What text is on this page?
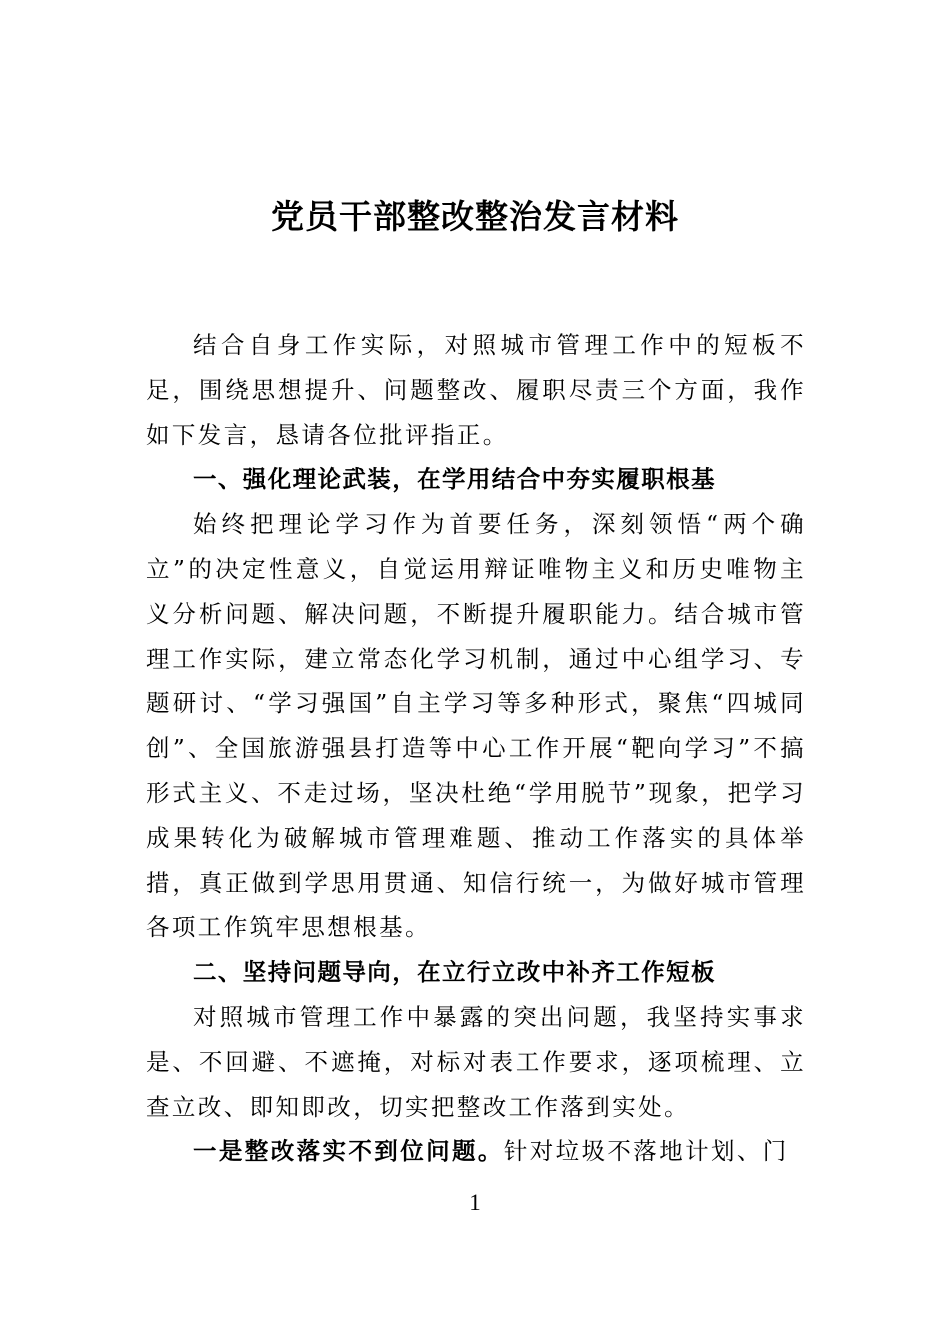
党员干部整改整治发言材料

结合自身工作实际，对照城市管理工作中的短板不足，围绕思想提升、问题整改、履职尽责三个方面，我作如下发言，恳请各位批评指正。

一、强化理论武装，在学用结合中夯实履职根基

始终把理论学习作为首要任务，深刻领悟“两个确立”的决定性意义，自觉运用辩证唯物主义和历史唯物主义分析问题、解决问题，不断提升履职能力。结合城市管理工作实际，建立常态化学习机制，通过中心组学习、专题研讨、“学习强国”自主学习等多种形式，聚焦“四城同创”、全国旅游强县打造等中心工作开展“靶向学习”不搞形式主义、不走过场，坚决杜绝“学用脱节”现象，把学习成果转化为破解城市管理难题、推动工作落实的具体举措，真正做到学思用贯通、知信行统一，为做好城市管理各项工作筑牢思想根基。

二、坚持问题导向，在立行立改中补齐工作短板

对照城市管理工作中暴露的突出问题，我坚持实事求是、不回避、不遮掩，对标对表工作要求，逐项梳理、立查立改、即知即改，切实把整改工作落到实处。

一是整改落实不到位问题。针对垃圾不落地计划、门

1
